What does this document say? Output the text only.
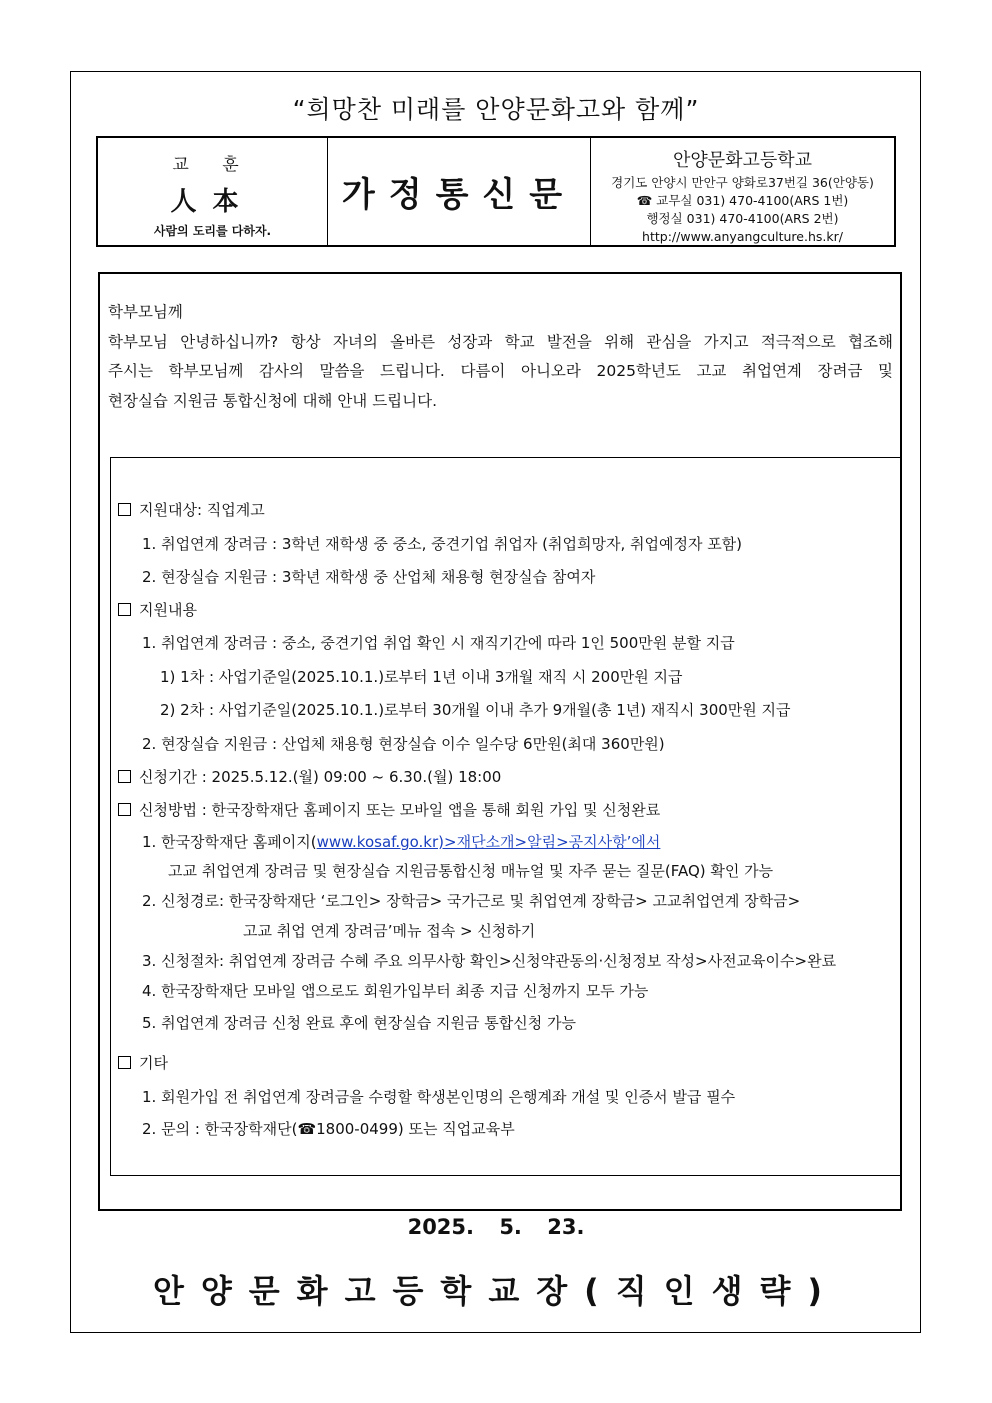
“희망찬 미래를 안양문화고와 함께”
교 훈
人本
사람의 도리를 다하자.
가정통신문
안양문화고등학교
경기도 안양시 만안구 양화로37번길 36(안양동)
☎ 교무실 031) 470-4100(ARS 1번)
행정실 031) 470-4100(ARS 2번)
http://www.anyangculture.hs.kr/

학부모님께

학부모님 안녕하십니까? 항상 자녀의 올바른 성장과 학교 발전을 위해 관심을 가지고 적극적으로 협조해

주시는 학부모님께 감사의 말씀을 드립니다. 다름이 아니오라 2025학년도 고교 취업연계 장려금 및

현장실습 지원금 통합신청에 대해 안내 드립니다.

지원대상: 직업계고
1. 취업연계 장려금 : 3학년 재학생 중 중소, 중견기업 취업자 (취업희망자, 취업예정자 포함)
2. 현장실습 지원금 : 3학년 재학생 중 산업체 채용형 현장실습 참여자
지원내용
1. 취업연계 장려금 : 중소, 중견기업 취업 확인 시 재직기간에 따라 1인 500만원 분할 지급
1) 1차 : 사업기준일(2025.10.1.)로부터 1년 이내 3개월 재직 시 200만원 지급
2) 2차 : 사업기준일(2025.10.1.)로부터 30개월 이내 추가 9개월(총 1년) 재직시 300만원 지급
2. 현장실습 지원금 : 산업체 채용형 현장실습 이수 일수당 6만원(최대 360만원)
신청기간 : 2025.5.12.(월) 09:00 ~ 6.30.(월) 18:00
신청방법 : 한국장학재단 홈페이지 또는 모바일 앱을 통해 회원 가입 및 신청완료
1. 한국장학재단 홈페이지(www.kosaf.go.kr)>재단소개>알림>공지사항’에서
고교 취업연계 장려금 및 현장실습 지원금통합신청 매뉴얼 및 자주 묻는 질문(FAQ) 확인 가능
2. 신청경로: 한국장학재단 ‘로그인> 장학금> 국가근로 및 취업연계 장학금> 고교취업연계 장학금>
고교 취업 연계 장려금’메뉴 접속 > 신청하기
3. 신청절차: 취업연계 장려금 수혜 주요 의무사항 확인>신청약관동의·신청정보 작성>사전교육이수>완료
4. 한국장학재단 모바일 앱으로도 회원가입부터 최종 지급 신청까지 모두 가능
5. 취업연계 장려금 신청 완료 후에 현장실습 지원금 통합신청 가능
기타
1. 회원가입 전 취업연계 장려금을 수령할 학생본인명의 은행계좌 개설 및 인증서 발급 필수
2. 문의 : 한국장학재단(☎1800-0499) 또는 직업교육부
2025. 5. 23.
안양문화고등학교장(직인생략)
